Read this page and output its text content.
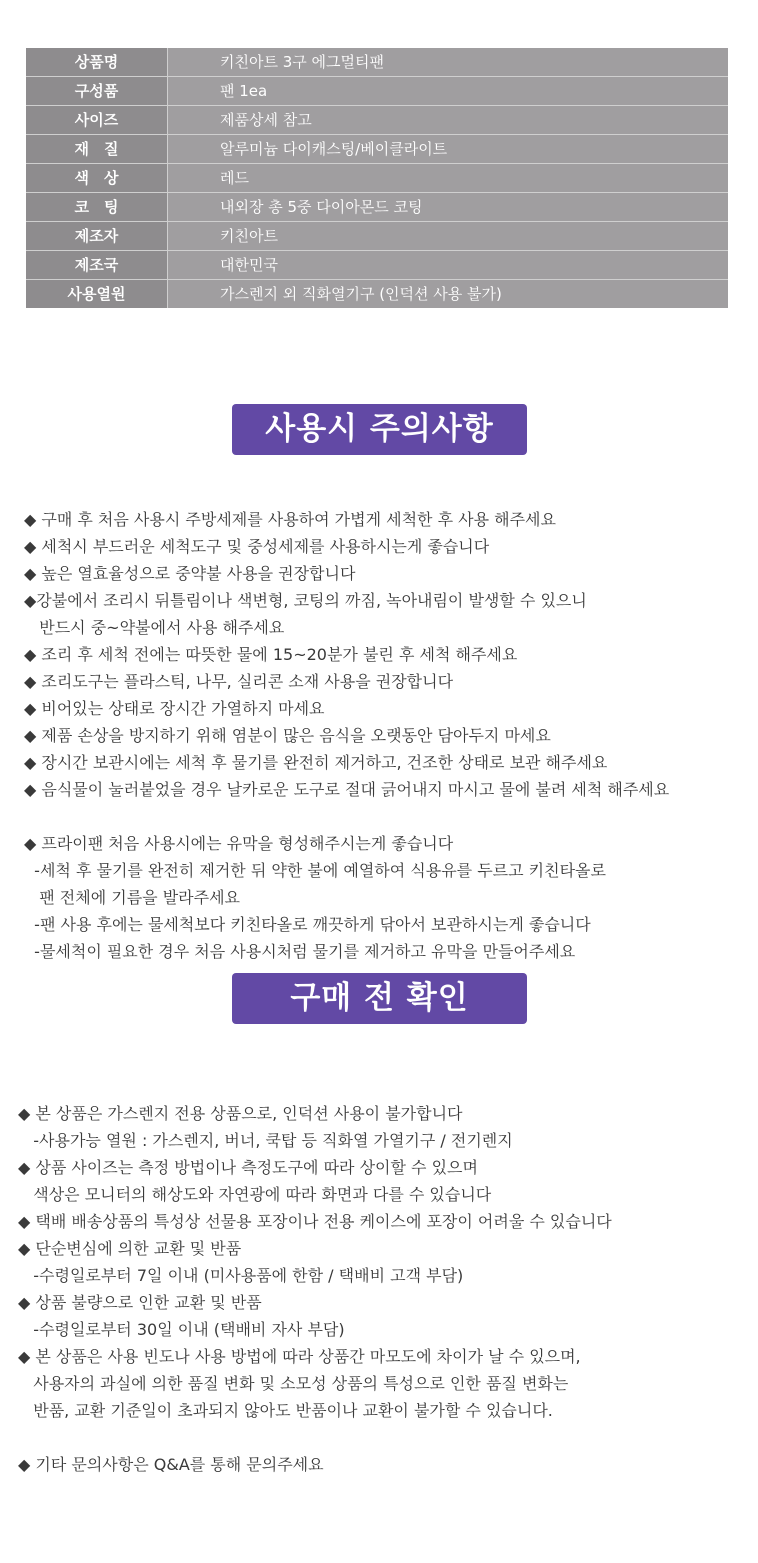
상품명	키친아트 3구 에그멀티팬
구성품	팬 1ea
사이즈	제품상세 참고
재　질	알루미늄 다이캐스팅/베이클라이트
색　상	레드
코　팅	내외장 총 5중 다이아몬드 코팅
제조자	키친아트
제조국	대한민국
사용열원	가스렌지 외 직화열기구 (인덕션 사용 불가)
사용시 주의사항
◆ 구매 후 처음 사용시 주방세제를 사용하여 가볍게 세척한 후 사용 해주세요
◆ 세척시 부드러운 세척도구 및 중성세제를 사용하시는게 좋습니다
◆ 높은 열효율성으로 중약불 사용을 권장합니다
◆강불에서 조리시 뒤틀림이나 색변형, 코팅의 까짐, 녹아내림이 발생할 수 있으니
반드시 중~약불에서 사용 해주세요
◆ 조리 후 세척 전에는 따뜻한 물에 15~20분가 불린 후 세척 해주세요
◆ 조리도구는 플라스틱, 나무, 실리콘 소재 사용을 권장합니다
◆ 비어있는 상태로 장시간 가열하지 마세요
◆ 제품 손상을 방지하기 위해 염분이 많은 음식을 오랫동안 담아두지 마세요
◆ 장시간 보관시에는 세척 후 물기를 완전히 제거하고, 건조한 상태로 보관 해주세요
◆ 음식물이 눌러붙었을 경우 날카로운 도구로 절대 긁어내지 마시고 물에 불려 세척 해주세요
◆ 프라이팬 처음 사용시에는 유막을 형성해주시는게 좋습니다
-세척 후 물기를 완전히 제거한 뒤 약한 불에 예열하여 식용유를 두르고 키친타올로
팬 전체에 기름을 발라주세요
-팬 사용 후에는 물세척보다 키친타올로 깨끗하게 닦아서 보관하시는게 좋습니다
-물세척이 필요한 경우 처음 사용시처럼 물기를 제거하고 유막을 만들어주세요
구매 전 확인
◆ 본 상품은 가스렌지 전용 상품으로, 인덕션 사용이 불가합니다
-사용가능 열원 : 가스렌지, 버너, 쿡탑 등 직화열 가열기구 / 전기렌지
◆ 상품 사이즈는 측정 방법이나 측정도구에 따라 상이할 수 있으며
색상은 모니터의 해상도와 자연광에 따라 화면과 다를 수 있습니다
◆ 택배 배송상품의 특성상 선물용 포장이나 전용 케이스에 포장이 어려울 수 있습니다
◆ 단순변심에 의한 교환 및 반품
-수령일로부터 7일 이내 (미사용품에 한함 / 택배비 고객 부담)
◆ 상품 불량으로 인한 교환 및 반품
-수령일로부터 30일 이내 (택배비 자사 부담)
◆ 본 상품은 사용 빈도나 사용 방법에 따라 상품간 마모도에 차이가 날 수 있으며,
사용자의 과실에 의한 품질 변화 및 소모성 상품의 특성으로 인한 품질 변화는
반품, 교환 기준일이 초과되지 않아도 반품이나 교환이 불가할 수 있습니다.
◆ 기타 문의사항은 Q&A를 통해 문의주세요
